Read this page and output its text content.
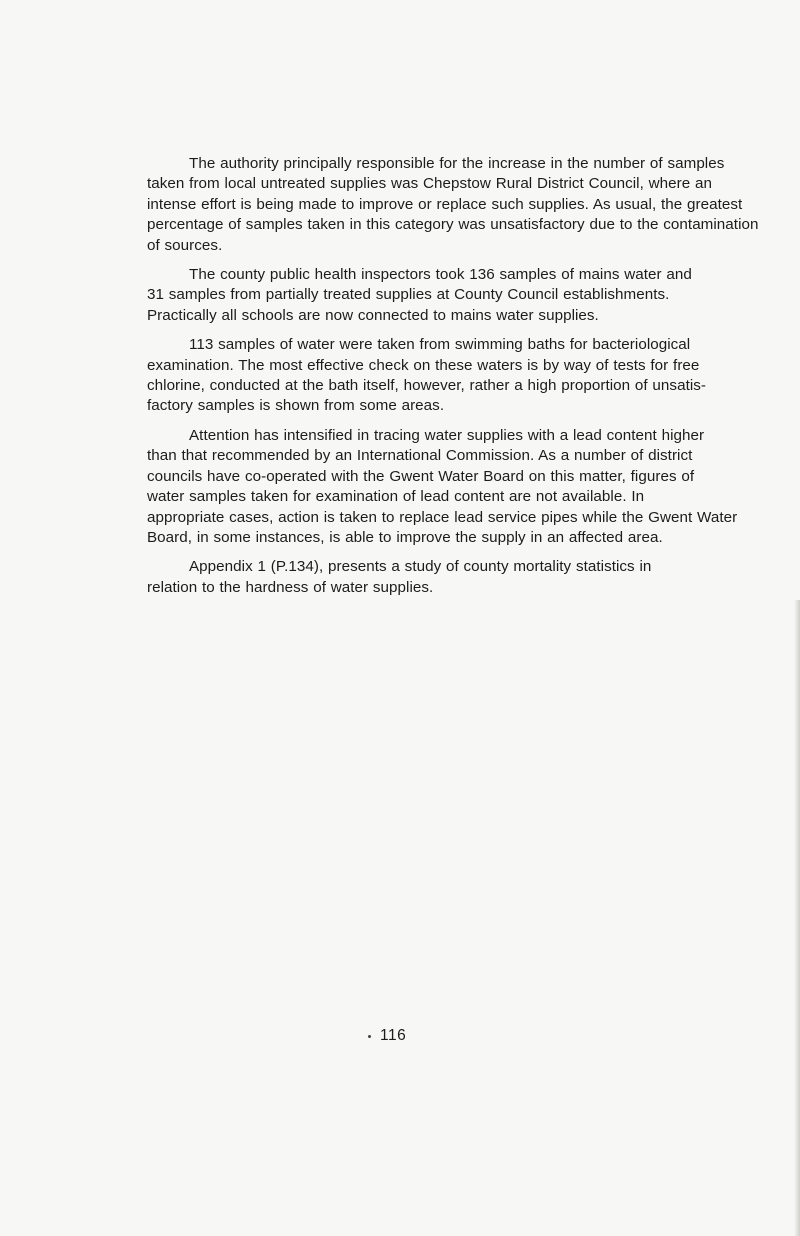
The authority principally responsible for the increase in the number of samples
taken from local untreated supplies was Chepstow Rural District Council, where an
intense effort is being made to improve or replace such supplies. As usual, the greatest
percentage of samples taken in this category was unsatisfactory due to the contamination
of sources.
The county public health inspectors took 136 samples of mains water and
31 samples from partially treated supplies at County Council establishments.
Practically all schools are now connected to mains water supplies.
113 samples of water were taken from swimming baths for bacteriological
examination. The most effective check on these waters is by way of tests for free
chlorine, conducted at the bath itself, however, rather a high proportion of unsatis-
factory samples is shown from some areas.
Attention has intensified in tracing water supplies with a lead content higher
than that recommended by an International Commission. As a number of district
councils have co-operated with the Gwent Water Board on this matter, figures of
water samples taken for examination of lead content are not available. In
appropriate cases, action is taken to replace lead service pipes while the Gwent Water
Board, in some instances, is able to improve the supply in an affected area.
Appendix 1 (P.134), presents a study of county mortality statistics in
relation to the hardness of water supplies.
116
